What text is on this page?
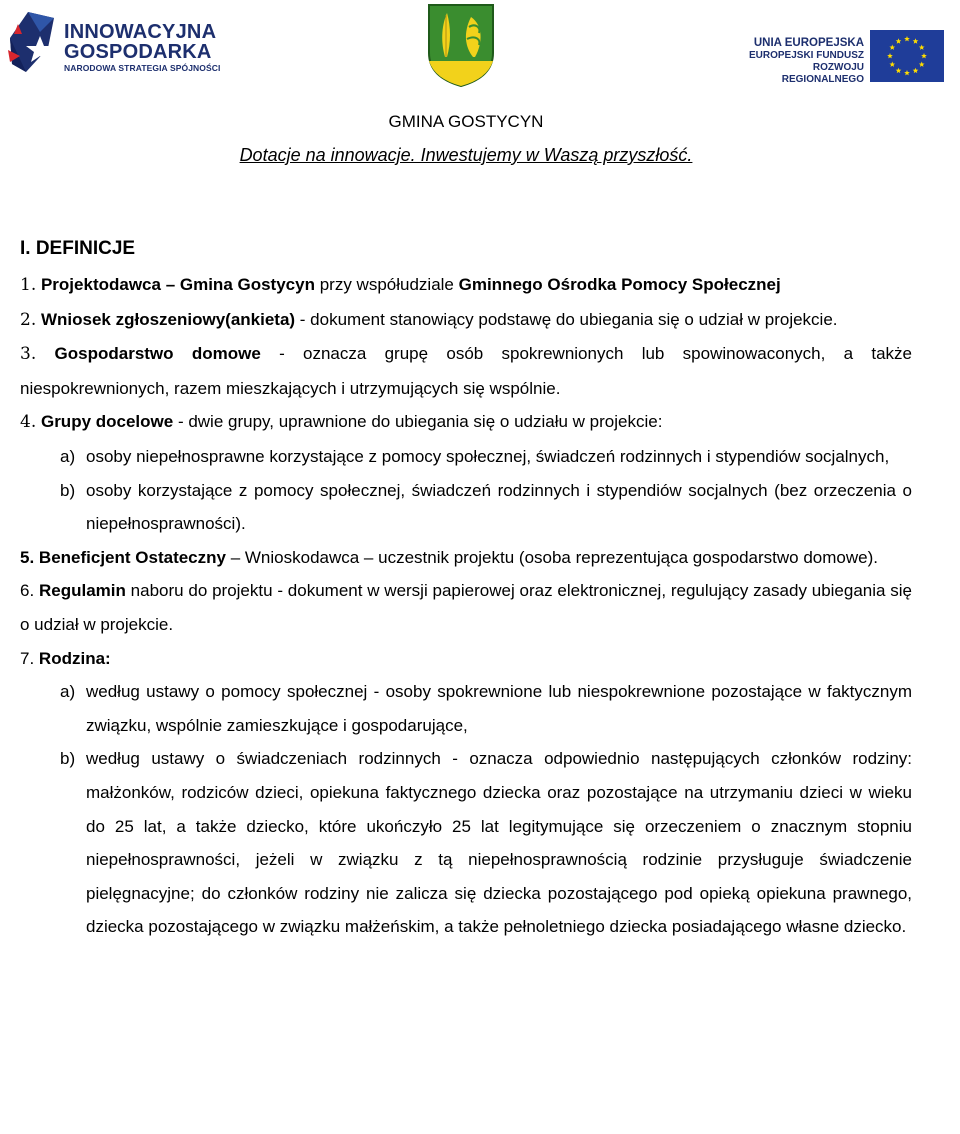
INNOWACYJNA
GOSPODARKA
NARODOWA STRATEGIA SPÓJNOŚCI
UNIA EUROPEJSKA
EUROPEJSKI FUNDUSZ
ROZWOJU REGIONALNEGO
GMINA GOSTYCYN
Dotacje na innowacje. Inwestujemy w Waszą przyszłość.
I. DEFINICJE

1. Projektodawca – Gmina Gostycyn przy współudziale Gminnego Ośrodka Pomocy Społecznej

2. Wniosek zgłoszeniowy(ankieta) - dokument stanowiący podstawę do ubiegania się o udział w projekcie.

3. Gospodarstwo domowe - oznacza grupę osób spokrewnionych lub spowinowaconych, a także niespokrewnionych, razem mieszkających i utrzymujących się wspólnie.

4. Grupy docelowe - dwie grupy, uprawnione do ubiegania się o udziału w projekcie:

a) osoby niepełnosprawne korzystające z pomocy społecznej, świadczeń rodzinnych i stypendiów socjalnych,
b) osoby korzystające z pomocy społecznej, świadczeń rodzinnych i stypendiów socjalnych (bez orzeczenia o niepełnosprawności).

5. Beneficjent Ostateczny – Wnioskodawca – uczestnik projektu (osoba reprezentująca gospodarstwo domowe).

6. Regulamin naboru do projektu - dokument w wersji papierowej oraz elektronicznej, regulujący zasady ubiegania się o udział w projekcie.

7. Rodzina:

a) według ustawy o pomocy społecznej - osoby spokrewnione lub niespokrewnione pozostające w faktycznym związku, wspólnie zamieszkujące i gospodarujące,
b) według ustawy o świadczeniach rodzinnych - oznacza odpowiednio następujących członków rodziny: małżonków, rodziców dzieci, opiekuna faktycznego dziecka oraz pozostające na utrzymaniu dzieci w wieku do 25 lat, a także dziecko, które ukończyło 25 lat legitymujące się orzeczeniem o znacznym stopniu niepełnosprawności, jeżeli w związku z tą niepełnosprawnością rodzinie przysługuje świadczenie pielęgnacyjne; do członków rodziny nie zalicza się dziecka pozostającego pod opieką opiekuna prawnego, dziecka pozostającego w związku małżeńskim, a także pełnoletniego dziecka posiadającego własne dziecko.
